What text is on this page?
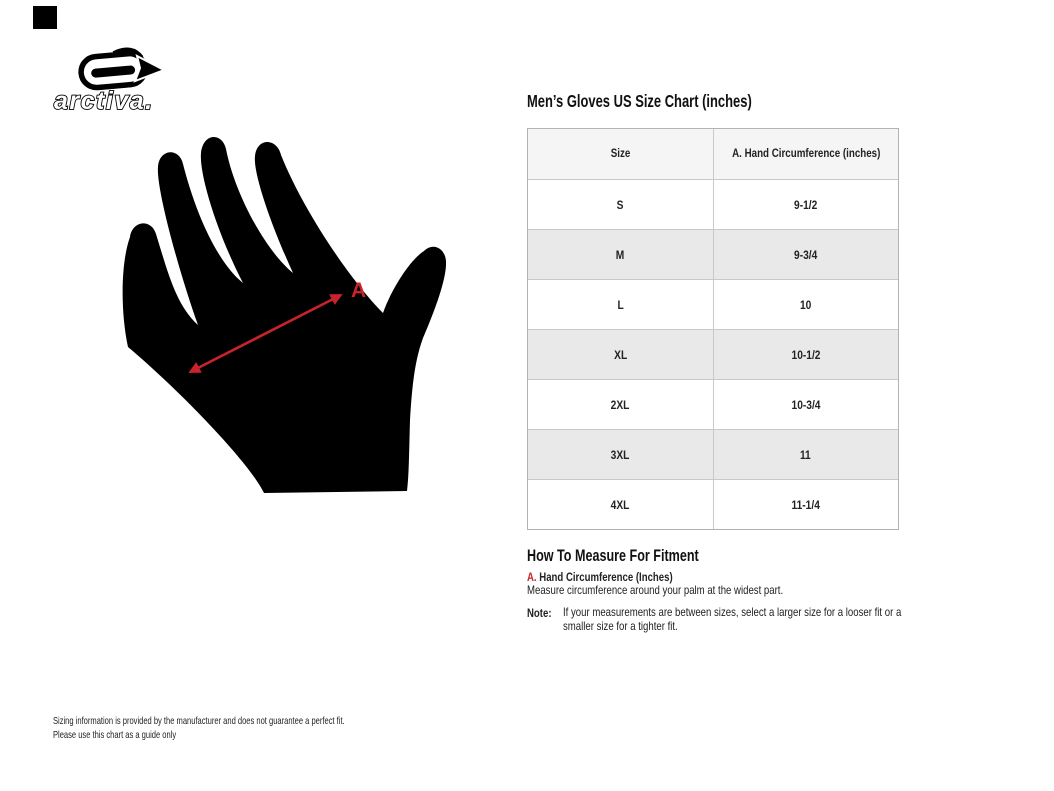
arctiva.
A
Men’s Gloves US Size Chart (inches)
Size	A. Hand Circumference (inches)
S	9-1/2
M	9-3/4
L	10
XL	10-1/2
2XL	10-3/4
3XL	11
4XL	11-1/4
How To Measure For Fitment
A. Hand Circumference (Inches)
Measure circumference around your palm at the widest part.
Note: If your measurements are between sizes, select a larger size for a looser fit or a
smaller size for a tighter fit.
Sizing information is provided by the manufacturer and does not guarantee a perfect fit.
Please use this chart as a guide only
